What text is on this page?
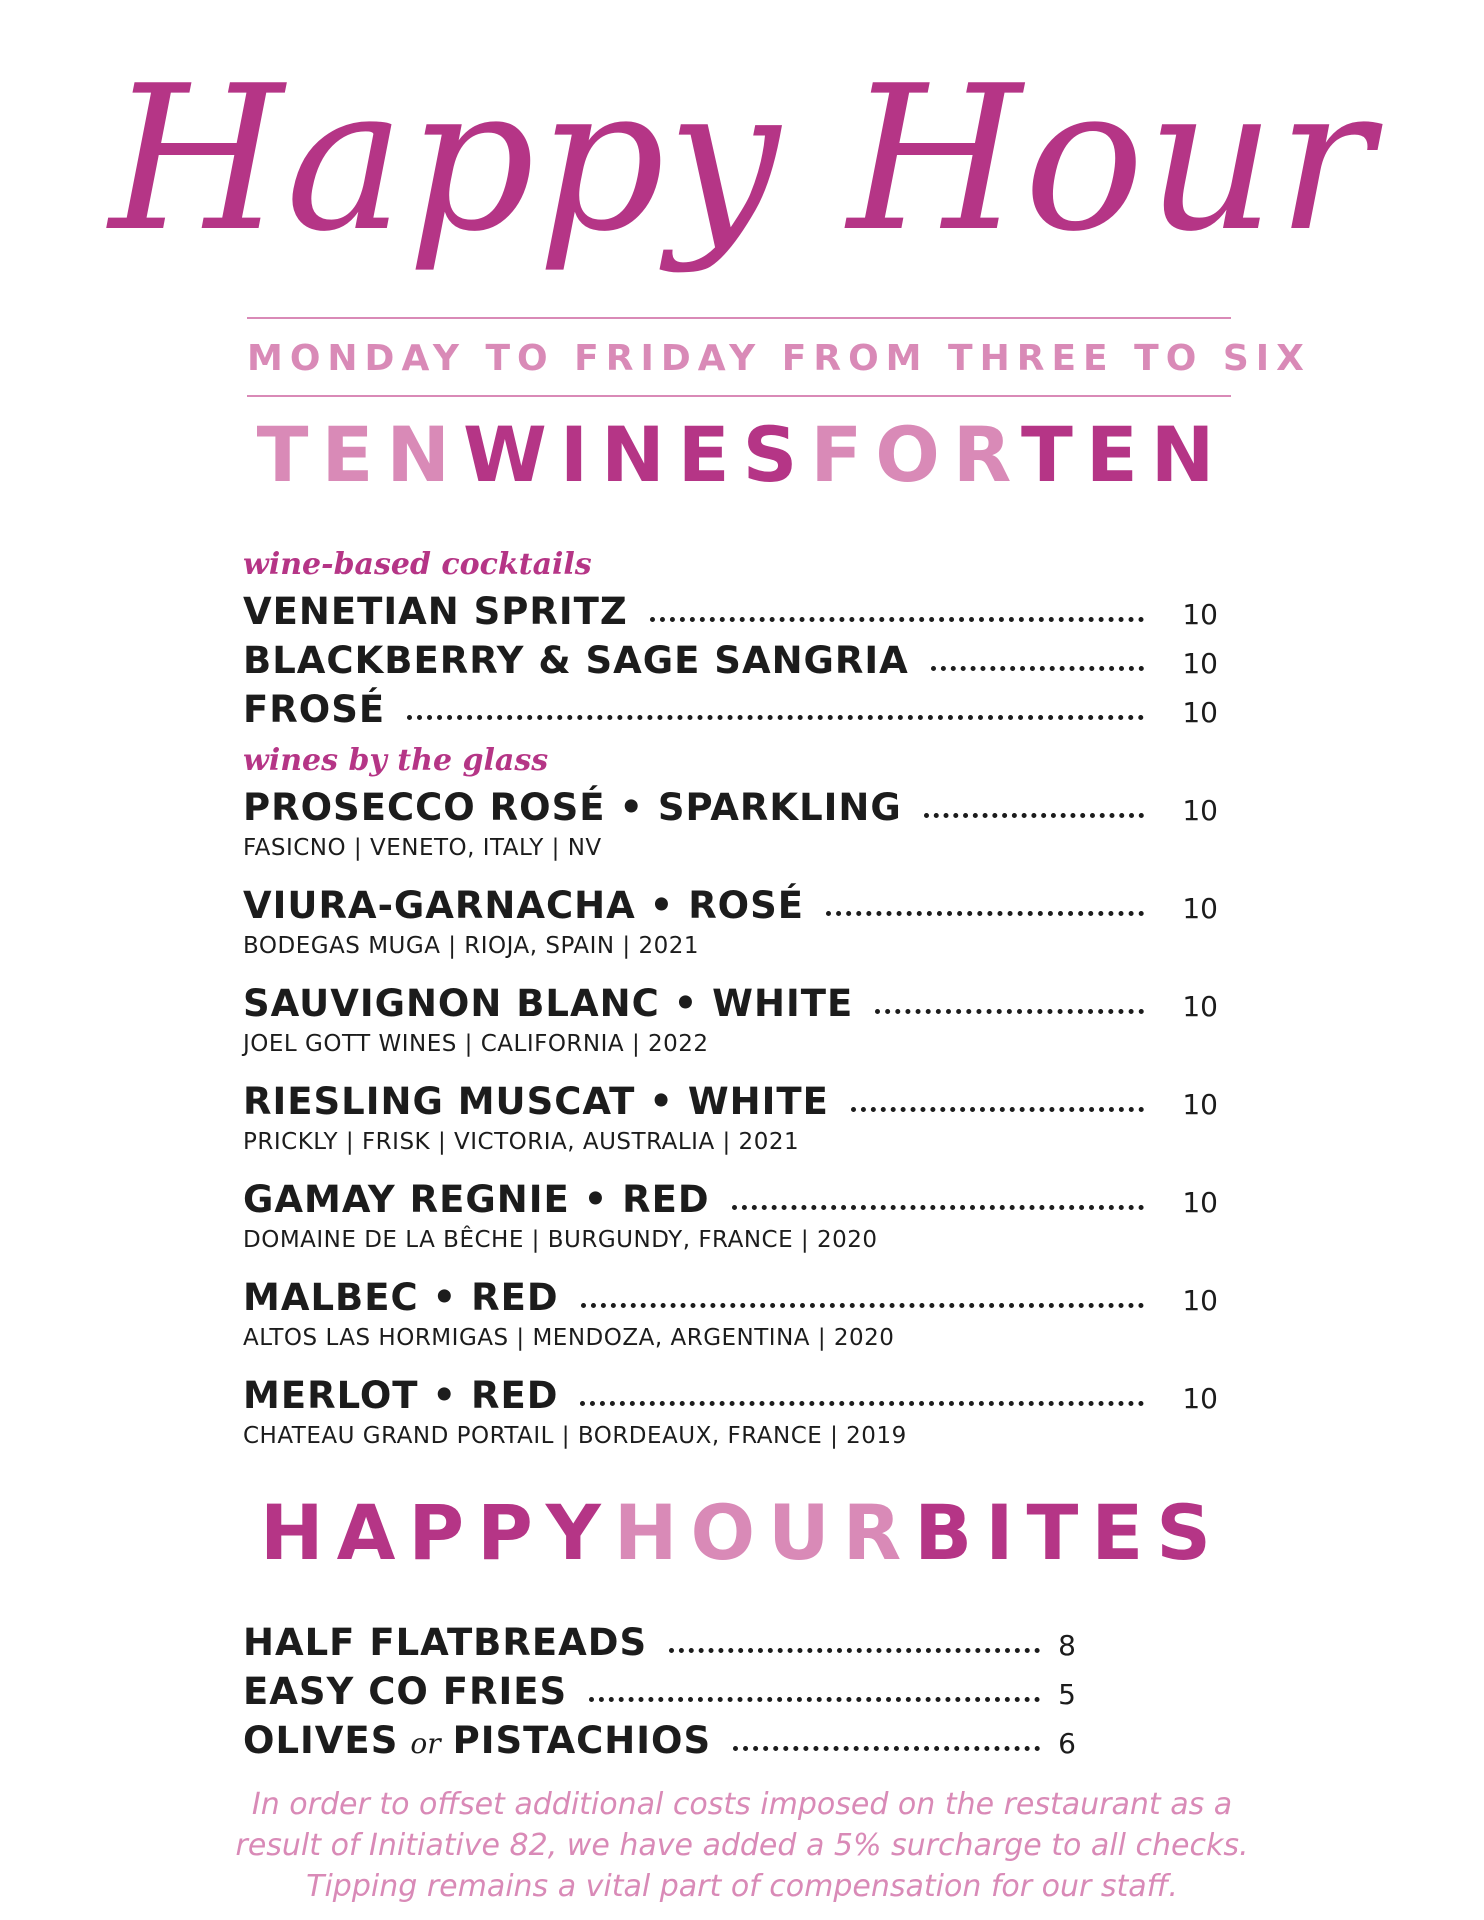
Happy Hour
MONDAY TO FRIDAY FROM THREE TO SIX
TENWINESFORTEN
wine-based cocktails
VENETIAN SPRITZ	10
BLACKBERRY & SAGE SANGRIA	10
FROSÉ	10
wines by the glass
PROSECCO ROSÉ • SPARKLING	10
FASICNO | VENETO, ITALY | NV
VIURA-GARNACHA • ROSÉ	10
BODEGAS MUGA | RIOJA, SPAIN | 2021
SAUVIGNON BLANC • WHITE	10
JOEL GOTT WINES | CALIFORNIA | 2022
RIESLING MUSCAT • WHITE	10
PRICKLY | FRISK | VICTORIA, AUSTRALIA | 2021
GAMAY REGNIE • RED	10
DOMAINE DE LA BÊCHE | BURGUNDY, FRANCE | 2020
MALBEC • RED	10
ALTOS LAS HORMIGAS | MENDOZA, ARGENTINA | 2020
MERLOT • RED	10
CHATEAU GRAND PORTAIL | BORDEAUX, FRANCE | 2019
HAPPYHOURBITES
HALF FLATBREADS	8
EASY CO FRIES	5
OLIVES or PISTACHIOS	6
In order to offset additional costs imposed on the restaurant as a
result of Initiative 82, we have added a 5% surcharge to all checks.
Tipping remains a vital part of compensation for our staff.
